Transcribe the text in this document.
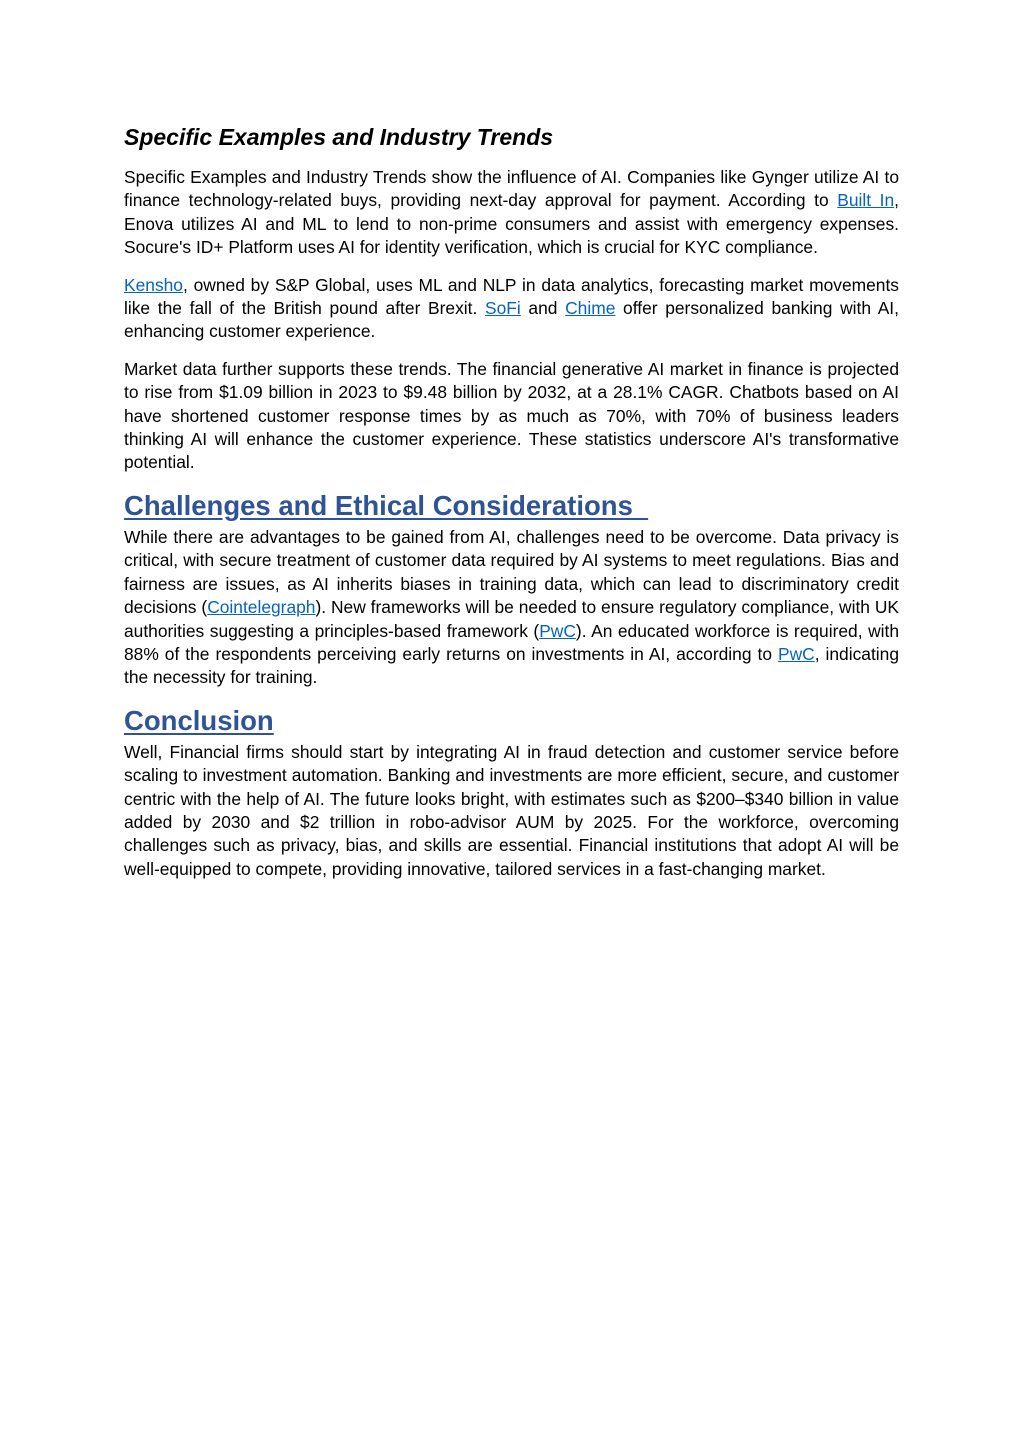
Specific Examples and Industry Trends

Specific Examples and Industry Trends show the influence of AI. Companies like Gynger utilize AI to finance technology-related buys, providing next-day approval for payment. According to Built In, Enova utilizes AI and ML to lend to non-prime consumers and assist with emergency expenses. Socure's ID+ Platform uses AI for identity verification, which is crucial for KYC compliance.

Kensho, owned by S&P Global, uses ML and NLP in data analytics, forecasting market movements like the fall of the British pound after Brexit. SoFi and Chime offer personalized banking with AI, enhancing customer experience.

Market data further supports these trends. The financial generative AI market in finance is projected to rise from $1.09 billion in 2023 to $9.48 billion by 2032, at a 28.1% CAGR. Chatbots based on AI have shortened customer response times by as much as 70%, with 70% of business leaders thinking AI will enhance the customer experience. These statistics underscore AI's transformative potential.

Challenges and Ethical Considerations

While there are advantages to be gained from AI, challenges need to be overcome. Data privacy is critical, with secure treatment of customer data required by AI systems to meet regulations. Bias and fairness are issues, as AI inherits biases in training data, which can lead to discriminatory credit decisions (Cointelegraph). New frameworks will be needed to ensure regulatory compliance, with UK authorities suggesting a principles-based framework (PwC). An educated workforce is required, with 88% of the respondents perceiving early returns on investments in AI, according to PwC, indicating the necessity for training.

Conclusion

Well, Financial firms should start by integrating AI in fraud detection and customer service before scaling to investment automation. Banking and investments are more efficient, secure, and customer centric with the help of AI. The future looks bright, with estimates such as $200–$340 billion in value added by 2030 and $2 trillion in robo-advisor AUM by 2025. For the workforce, overcoming challenges such as privacy, bias, and skills are essential. Financial institutions that adopt AI will be well-equipped to compete, providing innovative, tailored services in a fast-changing market.
